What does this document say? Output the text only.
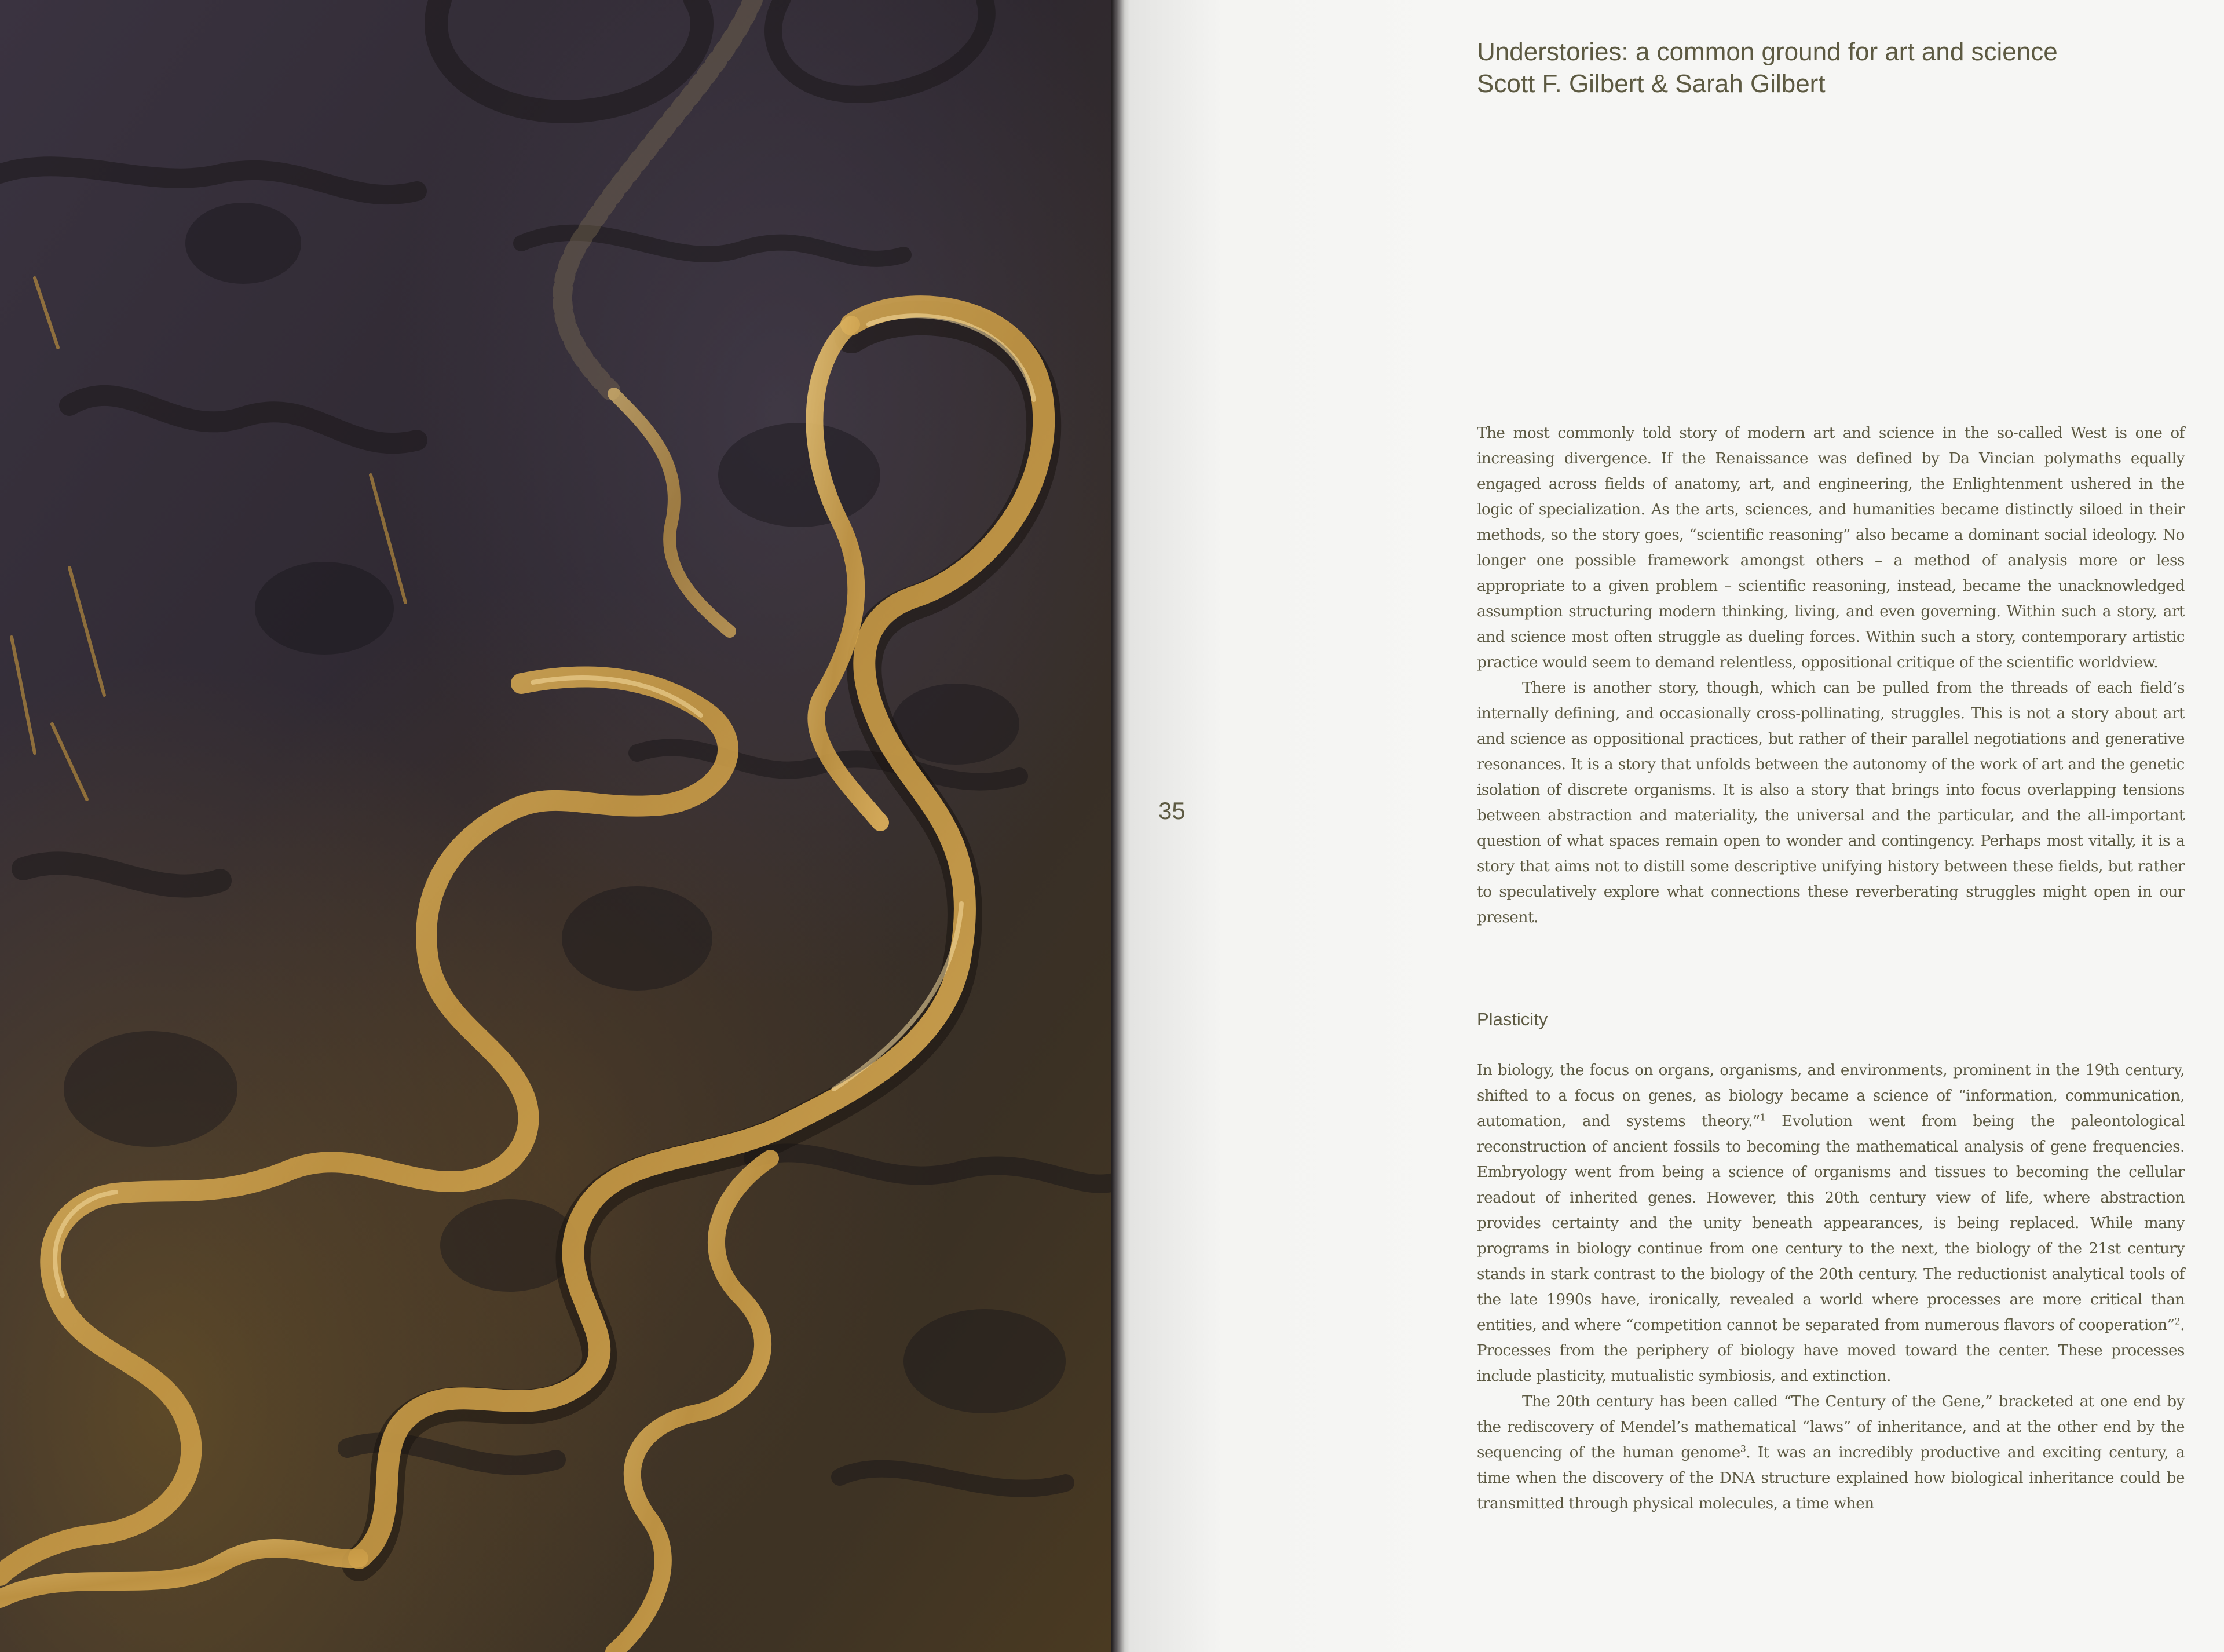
35
Understories: a common ground for art and science
Scott F. Gilbert & Sarah Gilbert

The most commonly told story of modern art and science in the so-called West is one of increasing divergence. If the Renaissance was defined by Da Vincian polymaths equally engaged across fields of anatomy, art, and engineering, the Enlightenment ushered in the logic of specialization. As the arts, sciences, and humanities became distinctly siloed in their methods, so the story goes, “scientific reasoning” also became a dominant social ideology. No longer one possible framework amongst others – a method of analysis more or less appropriate to a given problem – scientific reasoning, instead, became the unacknowledged assumption structuring modern thinking, living, and even governing. Within such a story, art and science most often struggle as dueling forces. Within such a story, contemporary artistic practice would seem to demand relentless, oppositional critique of the scientific worldview.

There is another story, though, which can be pulled from the threads of each field’s internally defining, and occasionally cross-pollinating, struggles. This is not a story about art and science as oppositional practices, but rather of their parallel negotiations and generative resonances. It is a story that unfolds between the autonomy of the work of art and the genetic isolation of discrete organisms. It is also a story that brings into focus overlapping tensions between abstraction and materiality, the universal and the particular, and the all-important question of what spaces remain open to wonder and contingency. Perhaps most vitally, it is a story that aims not to distill some descriptive unifying history between these fields, but rather to speculatively explore what connections these reverberating struggles might open in our present.

Plasticity

In biology, the focus on organs, organisms, and environments, prominent in the 19th century, shifted to a focus on genes, as biology became a science of “information, communication, automation, and systems theory.”$^1$ Evolution went from being the paleontological reconstruction of ancient fossils to becoming the mathematical analysis of gene frequencies. Embryology went from being a science of organisms and tissues to becoming the cellular readout of inherited genes. However, this 20th century view of life, where abstraction provides certainty and the unity beneath appearances, is being replaced. While many programs in biology continue from one century to the next, the biology of the 21st century stands in stark contrast to the biology of the 20th century. The reductionist analytical tools of the late 1990s have, ironically, revealed a world where processes are more critical than entities, and where “competition cannot be separated from numerous flavors of cooperation”$^2$. Processes from the periphery of biology have moved toward the center. These processes include plasticity, mutualistic symbiosis, and extinction.

The 20th century has been called “The Century of the Gene,” bracketed at one end by the rediscovery of Mendel’s mathematical “laws” of inheritance, and at the other end by the sequencing of the human genome$^3$. It was an incredibly productive and exciting century, a time when the discovery of the DNA structure explained how biological inheritance could be transmitted through physical molecules, a time when
